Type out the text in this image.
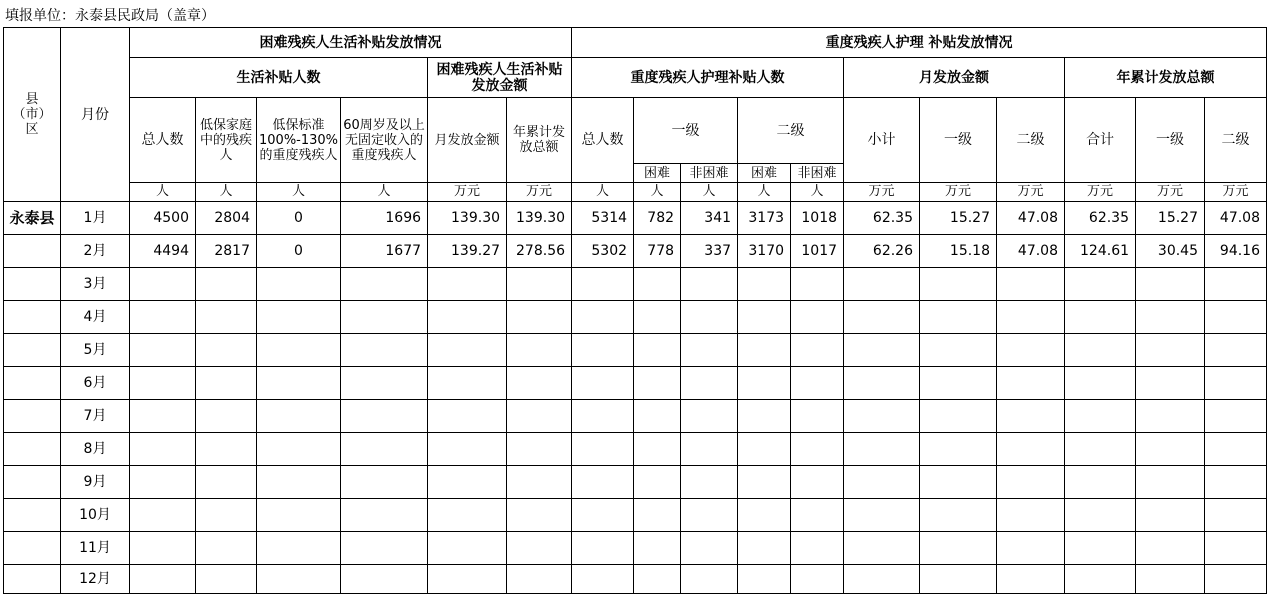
填报单位：永泰县民政局（盖章）
县
（市）
区	月份	困难残疾人生活补贴发放情况						重度残疾人护理 补贴发放情况										
		生活补贴人数				困难残疾人生活补贴发放金额		重度残疾人护理补贴人数					月发放金额			年累计发放总额		
		总人数	低保家庭中的残疾人	低保标准100%-130%的重度残疾人	60周岁及以上无固定收入的重度残疾人	月发放金额	年累计发放总额	总人数	一级		二级		小计	一级	二级	合计	一级	二级
									困难	非困难	困难	非困难						
		人	人	人	人	万元	万元	人	人	人	人	人	万元	万元	万元	万元	万元	万元
永泰县	1月	4500	2804	0	1696	139.30	139.30	5314	782	341	3173	1018	62.35	15.27	47.08	62.35	15.27	47.08
	2月	4494	2817	0	1677	139.27	278.56	5302	778	337	3170	1017	62.26	15.18	47.08	124.61	30.45	94.16
	3月																	
	4月																	
	5月																	
	6月																	
	7月																	
	8月																	
	9月																	
	10月																	
	11月																	
	12月																	
